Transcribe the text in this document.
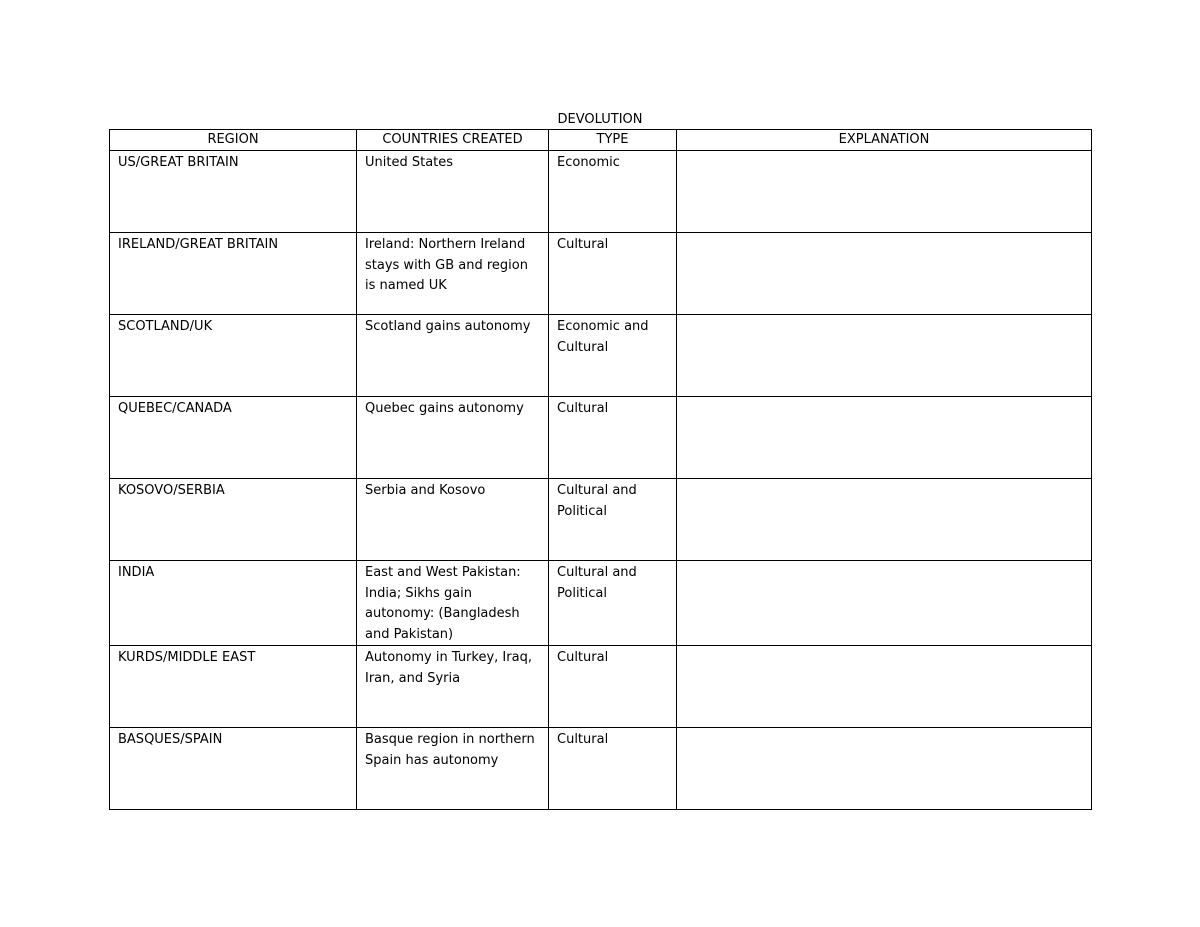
DEVOLUTION
REGION	COUNTRIES CREATED	TYPE	EXPLANATION

US/GREAT BRITAIN	United States	Economic	

IRELAND/GREAT BRITAIN	Ireland: Northern Ireland stays with GB and region is named UK	Cultural	

SCOTLAND/UK	Scotland gains autonomy	Economic and Cultural	

QUEBEC/CANADA	Quebec gains autonomy	Cultural	

KOSOVO/SERBIA	Serbia and Kosovo	Cultural and Political	

INDIA	East and West Pakistan: India; Sikhs gain autonomy: (Bangladesh and Pakistan)	Cultural and Political	

KURDS/MIDDLE EAST	Autonomy in Turkey, Iraq, Iran, and Syria	Cultural	

BASQUES/SPAIN	Basque region in northern Spain has autonomy	Cultural	
